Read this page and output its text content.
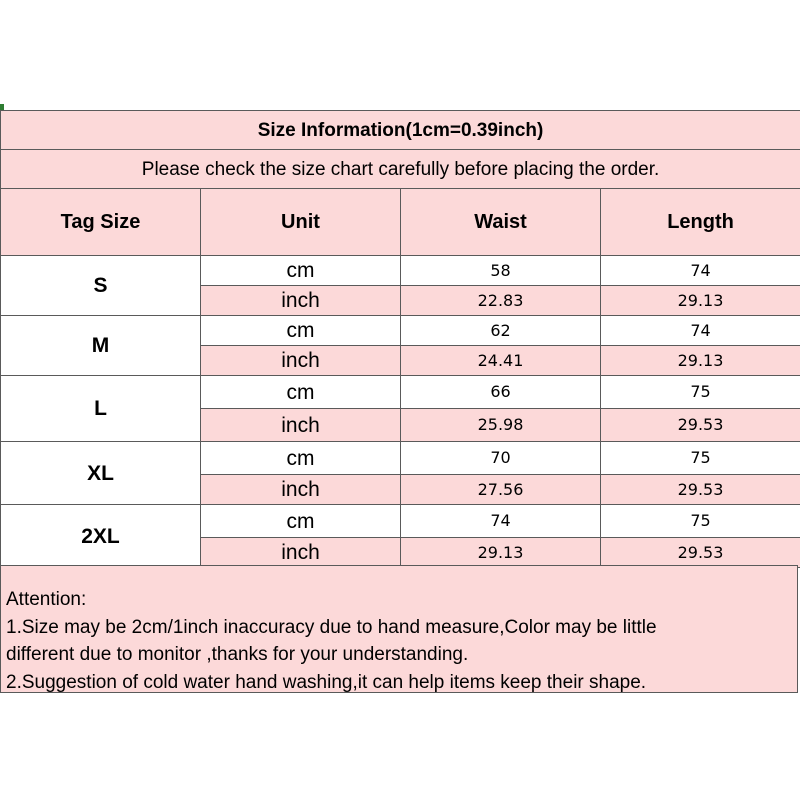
Size Information(1cm=0.39inch)			
Please check the size chart carefully before placing the order.			
Tag Size	Unit	Waist	Length
S	cm	58	74
	inch	22.83	29.13
M	cm	62	74
	inch	24.41	29.13
L	cm	66	75
	inch	25.98	29.53
XL	cm	70	75
	inch	27.56	29.53
2XL	cm	74	75
	inch	29.13	29.53
Attention:
1.Size may be 2cm/1inch inaccuracy due to hand measure,Color may be little
different due to monitor ,thanks for your understanding.
2.Suggestion of cold water hand washing,it can help items keep their shape.
